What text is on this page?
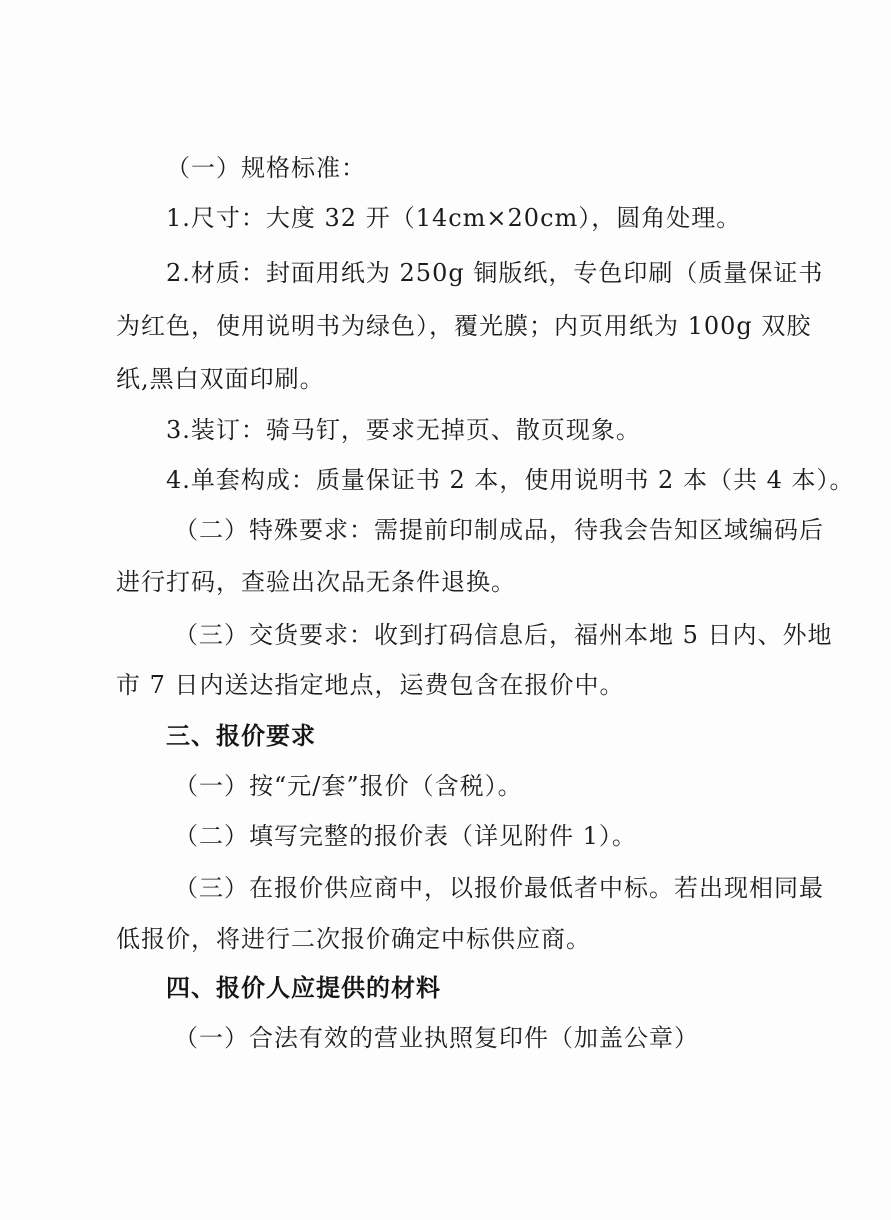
（一）规格标准：
1.尺寸：大度 32 开（14cm×20cm），圆角处理。
2.材质：封面用纸为 250g 铜版纸，专色印刷（质量保证书
为红色，使用说明书为绿色），覆光膜；内页用纸为 100g 双胶
纸,黑白双面印刷。
3.装订：骑马钉，要求无掉页、散页现象。
4.单套构成：质量保证书 2 本，使用说明书 2 本（共 4 本）。
（二）特殊要求：需提前印制成品，待我会告知区域编码后
进行打码，查验出次品无条件退换。
（三）交货要求：收到打码信息后，福州本地 5 日内、外地
市 7 日内送达指定地点，运费包含在报价中。
三、报价要求
（一）按“元/套”报价（含税）。
（二）填写完整的报价表（详见附件 1）。
（三）在报价供应商中，以报价最低者中标。若出现相同最
低报价，将进行二次报价确定中标供应商。
四、报价人应提供的材料
（一）合法有效的营业执照复印件（加盖公章）
